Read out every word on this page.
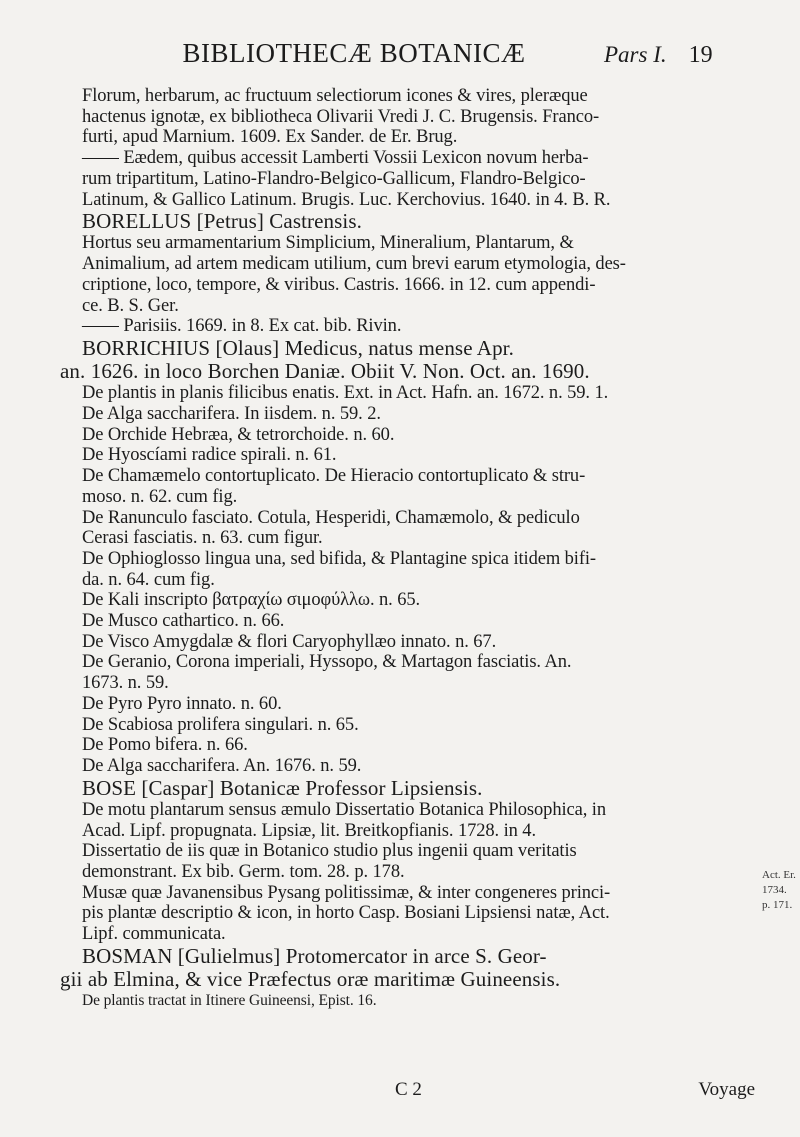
BIBLIOTHECÆ BOTANICÆ	Pars I. 19
Florum, herbarum, ac fructuum selectiorum icones & vires, pleræque
hactenus ignotæ, ex bibliotheca Olivarii Vredi J. C. Brugensis. Franco-
furti, apud Marnium. 1609. Ex Sander. de Er. Brug.
—— Eædem, quibus accessit Lamberti Vossii Lexicon novum herba-
rum tripartitum, Latino-Flandro-Belgico-Gallicum, Flandro-Belgico-
Latinum, & Gallico Latinum. Brugis. Luc. Kerchovius. 1640. in 4. B. R.
BORELLUS [Petrus] Castrensis.
Hortus seu armamentarium Simplicium, Mineralium, Plantarum, &
Animalium, ad artem medicam utilium, cum brevi earum etymologia, des-
criptione, loco, tempore, & viribus. Castris. 1666. in 12. cum appendi-
ce. B. S. Ger.
—— Parisiis. 1669. in 8. Ex cat. bib. Rivin.
BORRICHIUS [Olaus] Medicus, natus mense Apr.
an. 1626. in loco Borchen Daniæ. Obiit V. Non. Oct. an. 1690.
De plantis in planis filicibus enatis. Ext. in Act. Hafn. an. 1672. n. 59. 1.
De Alga saccharifera. In iisdem. n. 59. 2.
De Orchide Hebræa, & tetrorchoide. n. 60.
De Hyoscíami radice spirali. n. 61.
De Chamæmelo contortuplicato. De Hieracio contortuplicato & stru-
moso. n. 62. cum fig.
De Ranunculo fasciato. Cotula, Hesperidi, Chamæmolo, & pediculo
Cerasi fasciatis. n. 63. cum figur.
De Ophioglosso lingua una, sed bifida, & Plantagine spica itidem bifi-
da. n. 64. cum fig.
De Kali inscripto βατραχίω σιμοφύλλω. n. 65.
De Musco cathartico. n. 66.
De Visco Amygdalæ & flori Caryophyllæo innato. n. 67.
De Geranio, Corona imperiali, Hyssopo, & Martagon fasciatis. An.
1673. n. 59.
De Pyro Pyro innato. n. 60.
De Scabiosa prolifera singulari. n. 65.
De Pomo bifera. n. 66.
De Alga saccharifera. An. 1676. n. 59.
BOSE [Caspar] Botanicæ Professor Lipsiensis.
De motu plantarum sensus æmulo Dissertatio Botanica Philosophica, in
Acad. Lipf. propugnata. Lipsiæ, lit. Breitkopfianis. 1728. in 4.
Dissertatio de iis quæ in Botanico studio plus ingenii quam veritatis
demonstrant. Ex bib. Germ. tom. 28. p. 178.
Musæ quæ Javanensibus Pysang politissimæ, & inter congeneres princi-
pis plantæ descriptio & icon, in horto Casp. Bosiani Lipsiensi natæ, Act.
Lipf. communicata.
BOSMAN [Gulielmus] Protomercator in arce S. Geor-
gii ab Elmina, & vice Præfectus oræ maritimæ Guineensis.
De plantis tractat in Itinere Guineensi, Epist. 16.
Act. Er.
1734.
p. 171.
C 2	Voyage
